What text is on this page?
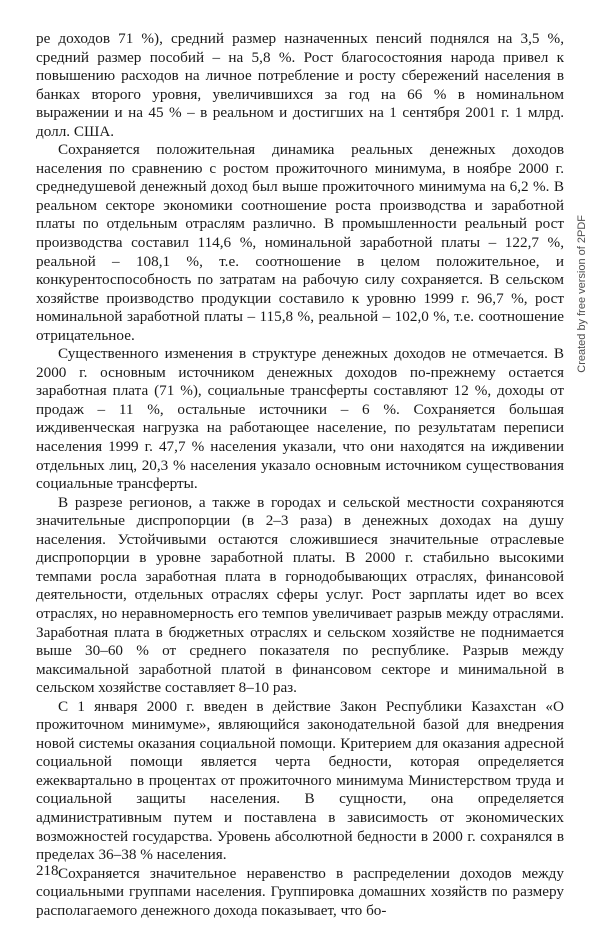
ре доходов 71 %), средний размер назначенных пенсий поднялся на 3,5 %, средний размер пособий – на 5,8 %. Рост благосостояния народа привел к повышению расходов на личное потребление и росту сбережений населения в банках второго уровня, увеличившихся за год на 66 % в номинальном выражении и на 45 % – в реальном и достигших на 1 сентября 2001 г. 1 млрд. долл. США.

Сохраняется положительная динамика реальных денежных доходов населения по сравнению с ростом прожиточного минимума, в ноябре 2000 г. среднедушевой денежный доход был выше прожиточного минимума на 6,2 %. В реальном секторе экономики соотношение роста производства и заработной платы по отдельным отраслям различно. В промышленности реальный рост производства составил 114,6 %, номинальной заработной платы – 122,7 %, реальной – 108,1 %, т.е. соотношение в целом положительное, и конкурентоспособность по затратам на рабочую силу сохраняется. В сельском хозяйстве производство продукции составило к уровню 1999 г. 96,7 %, рост номинальной заработной платы – 115,8 %, реальной – 102,0 %, т.е. соотношение отрицательное.

Существенного изменения в структуре денежных доходов не отмечается. В 2000 г. основным источником денежных доходов по-прежнему остается заработная плата (71 %), социальные трансферты составляют 12 %, доходы от продаж – 11 %, остальные источники – 6 %. Сохраняется большая иждивенческая нагрузка на работающее население, по результатам переписи населения 1999 г. 47,7 % населения указали, что они находятся на иждивении отдельных лиц, 20,3 % населения указало основным источником существования социальные трансферты.

В разрезе регионов, а также в городах и сельской местности сохраняются значительные диспропорции (в 2–3 раза) в денежных доходах на душу населения. Устойчивыми остаются сложившиеся значительные отраслевые диспропорции в уровне заработной платы. В 2000 г. стабильно высокими темпами росла заработная плата в горнодобывающих отраслях, финансовой деятельности, отдельных отраслях сферы услуг. Рост зарплаты идет во всех отраслях, но неравномерность его темпов увеличивает разрыв между отраслями. Заработная плата в бюджетных отраслях и сельском хозяйстве не поднимается выше 30–60 % от среднего показателя по республике. Разрыв между максимальной заработной платой в финансовом секторе и минимальной в сельском хозяйстве составляет 8–10 раз.

С 1 января 2000 г. введен в действие Закон Республики Казахстан «О прожиточном минимуме», являющийся законодательной базой для внедрения новой системы оказания социальной помощи. Критерием для оказания адресной социальной помощи является черта бедности, которая определяется ежеквартально в процентах от прожиточного минимума Министерством труда и социальной защиты населения. В сущности, она определяется административным путем и поставлена в зависимость от экономических возможностей государства. Уровень абсолютной бедности в 2000 г. сохранялся в пределах 36–38 % населения.

Сохраняется значительное неравенство в распределении доходов между социальными группами населения. Группировка домашних хозяйств по размеру располагаемого денежного дохода показывает, что бо-

218
Created by free version of 2PDF
